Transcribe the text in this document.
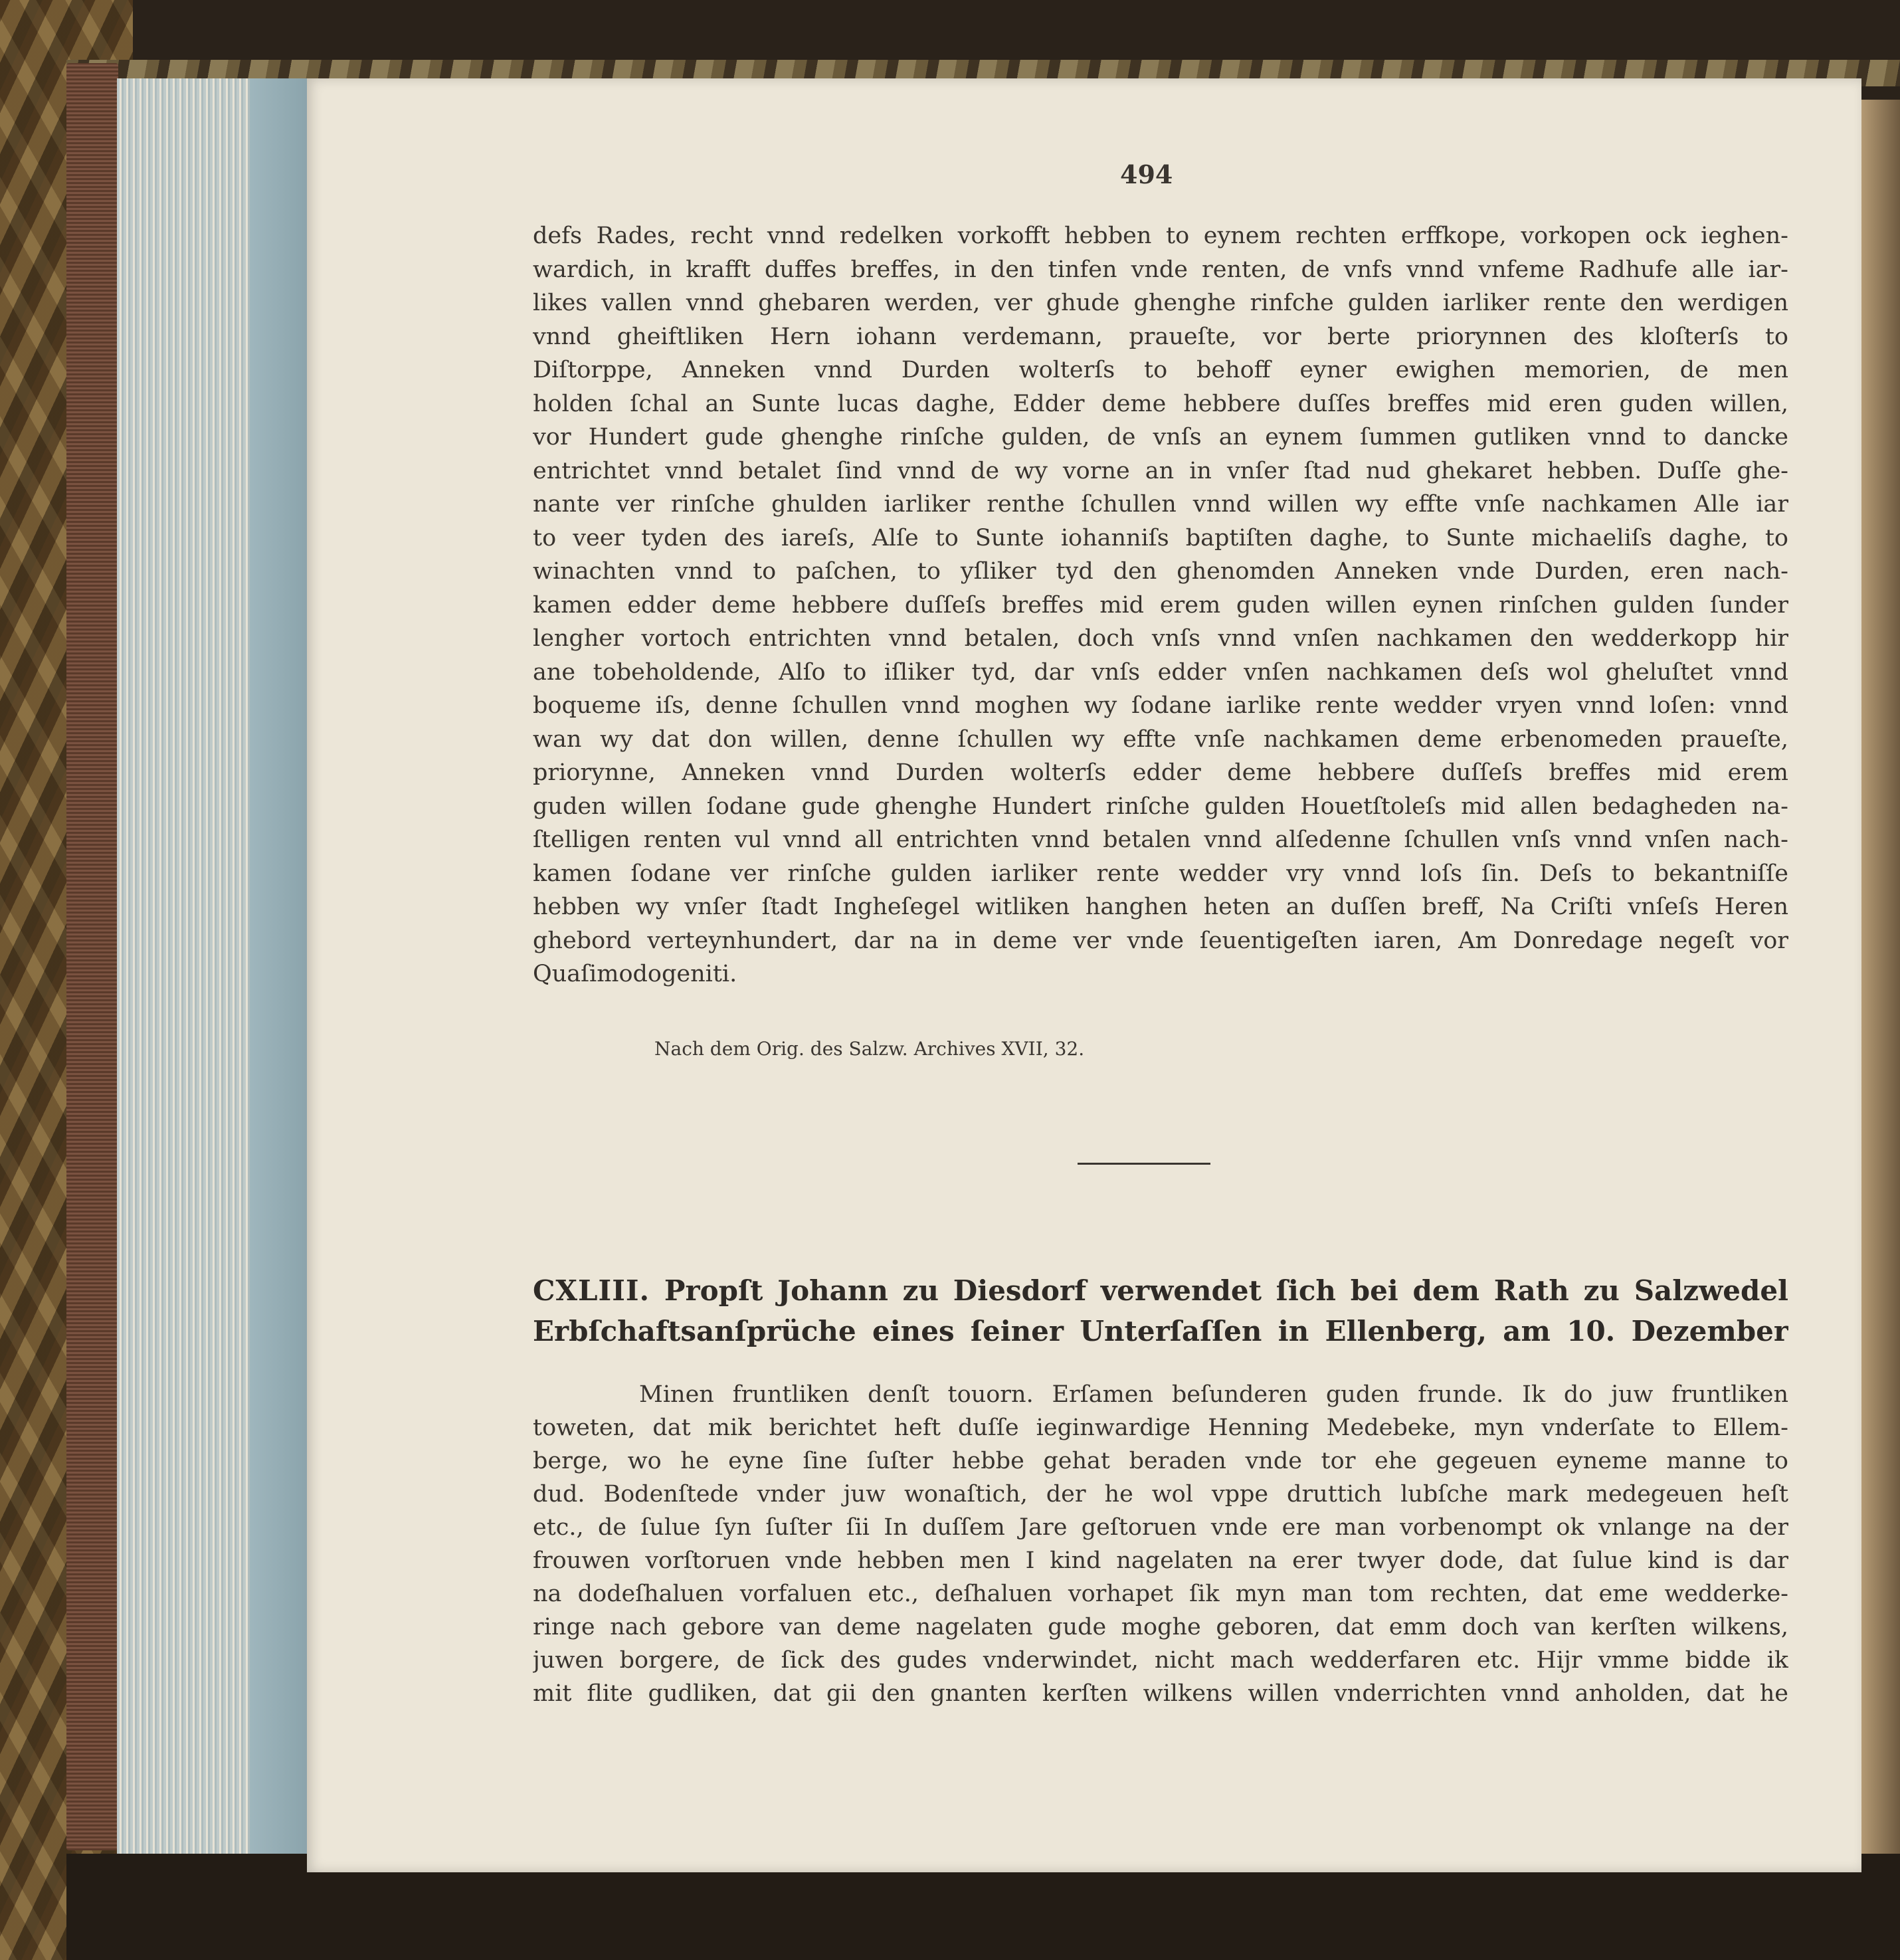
494
defs Rades, recht vnnd redelken vorkofft hebben to eynem rechten erffkope, vorkopen ock ieghen-
wardich, in krafft duffes breffes, in den tinfen vnde renten, de vnfs vnnd vnfeme Radhufe alle iar-
likes vallen vnnd ghebaren werden, ver ghude ghenghe rinfche gulden iarliker rente den werdigen
vnnd gheiftliken Hern iohann verdemann, praueſte, vor berte priorynnen des kloſterſs to
Diſtorppe, Anneken vnnd Durden wolterſs to behoff eyner ewighen memorien, de men
holden ſchal an Sunte lucas daghe, Edder deme hebbere duſſes breffes mid eren guden willen,
vor Hundert gude ghenghe rinſche gulden, de vnſs an eynem ſummen gutliken vnnd to dancke
entrichtet vnnd betalet ſind vnnd de wy vorne an in vnſer ſtad nud ghekaret hebben. Duſſe ghe-
nante ver rinſche ghulden iarliker renthe ſchullen vnnd willen wy effte vnſe nachkamen Alle iar
to veer tyden des iareſs, Alſe to Sunte iohanniſs baptiſten daghe, to Sunte michaeliſs daghe, to
winachten vnnd to paſchen, to yſliker tyd den ghenomden Anneken vnde Durden, eren nach-
kamen edder deme hebbere duſſeſs breffes mid erem guden willen eynen rinſchen gulden ſunder
lengher vortoch entrichten vnnd betalen, doch vnſs vnnd vnſen nachkamen den wedderkopp hir
ane tobeholdende, Alſo to iſliker tyd, dar vnſs edder vnſen nachkamen deſs wol gheluſtet vnnd
boqueme iſs, denne ſchullen vnnd moghen wy ſodane iarlike rente wedder vryen vnnd loſen: vnnd
wan wy dat don willen, denne ſchullen wy effte vnſe nachkamen deme erbenomeden praueſte,
priorynne, Anneken vnnd Durden wolterſs edder deme hebbere duſſeſs breffes mid erem
guden willen ſodane gude ghenghe Hundert rinſche gulden Houetſtoleſs mid allen bedagheden na-
ſtelligen renten vul vnnd all entrichten vnnd betalen vnnd alſedenne ſchullen vnſs vnnd vnſen nach-
kamen ſodane ver rinſche gulden iarliker rente wedder vry vnnd loſs ſin. Deſs to bekantniſſe
hebben wy vnſer ſtadt Ingheſegel witliken hanghen heten an duſſen breff, Na Criſti vnſeſs Heren
ghebord verteynhundert, dar na in deme ver vnde ſeuentigeſten iaren, Am Donredage negeſt vor
Quaſimodogeniti.
Nach dem Orig. des Salzw. Archives XVII, 32.
CXLIII. Propſt Johann zu Diesdorf verwendet ſich bei dem Rath zu Salzwedel
Erbſchaftsanſprüche eines ſeiner Unterſaſſen in Ellenberg, am 10. Dezember
Minen fruntliken denſt touorn. Erſamen beſunderen guden frunde. Ik do juw fruntliken
toweten, dat mik berichtet heft duſſe ieginwardige Henning Medebeke, myn vnderſate to Ellem-
berge, wo he eyne ſine ſuſter hebbe gehat beraden vnde tor ehe gegeuen eyneme manne to
dud. Bodenſtede vnder juw wonaſtich, der he wol vppe druttich lubſche mark medegeuen heſt
etc., de ſulue ſyn ſuſter ſii In duſſem Jare geſtoruen vnde ere man vorbenompt ok vnlange na der
frouwen vorſtoruen vnde hebben men I kind nagelaten na erer twyer dode, dat ſulue kind is dar
na dodeſhaluen vorfaluen etc., deſhaluen vorhapet ſik myn man tom rechten, dat eme wedderke-
ringe nach gebore van deme nagelaten gude moghe geboren, dat emm doch van kerſten wilkens,
juwen borgere, de ſick des gudes vnderwindet, nicht mach wedderfaren etc. Hijr vmme bidde ik
mit flite gudliken, dat gii den gnanten kerſten wilkens willen vnderrichten vnnd anholden, dat he
